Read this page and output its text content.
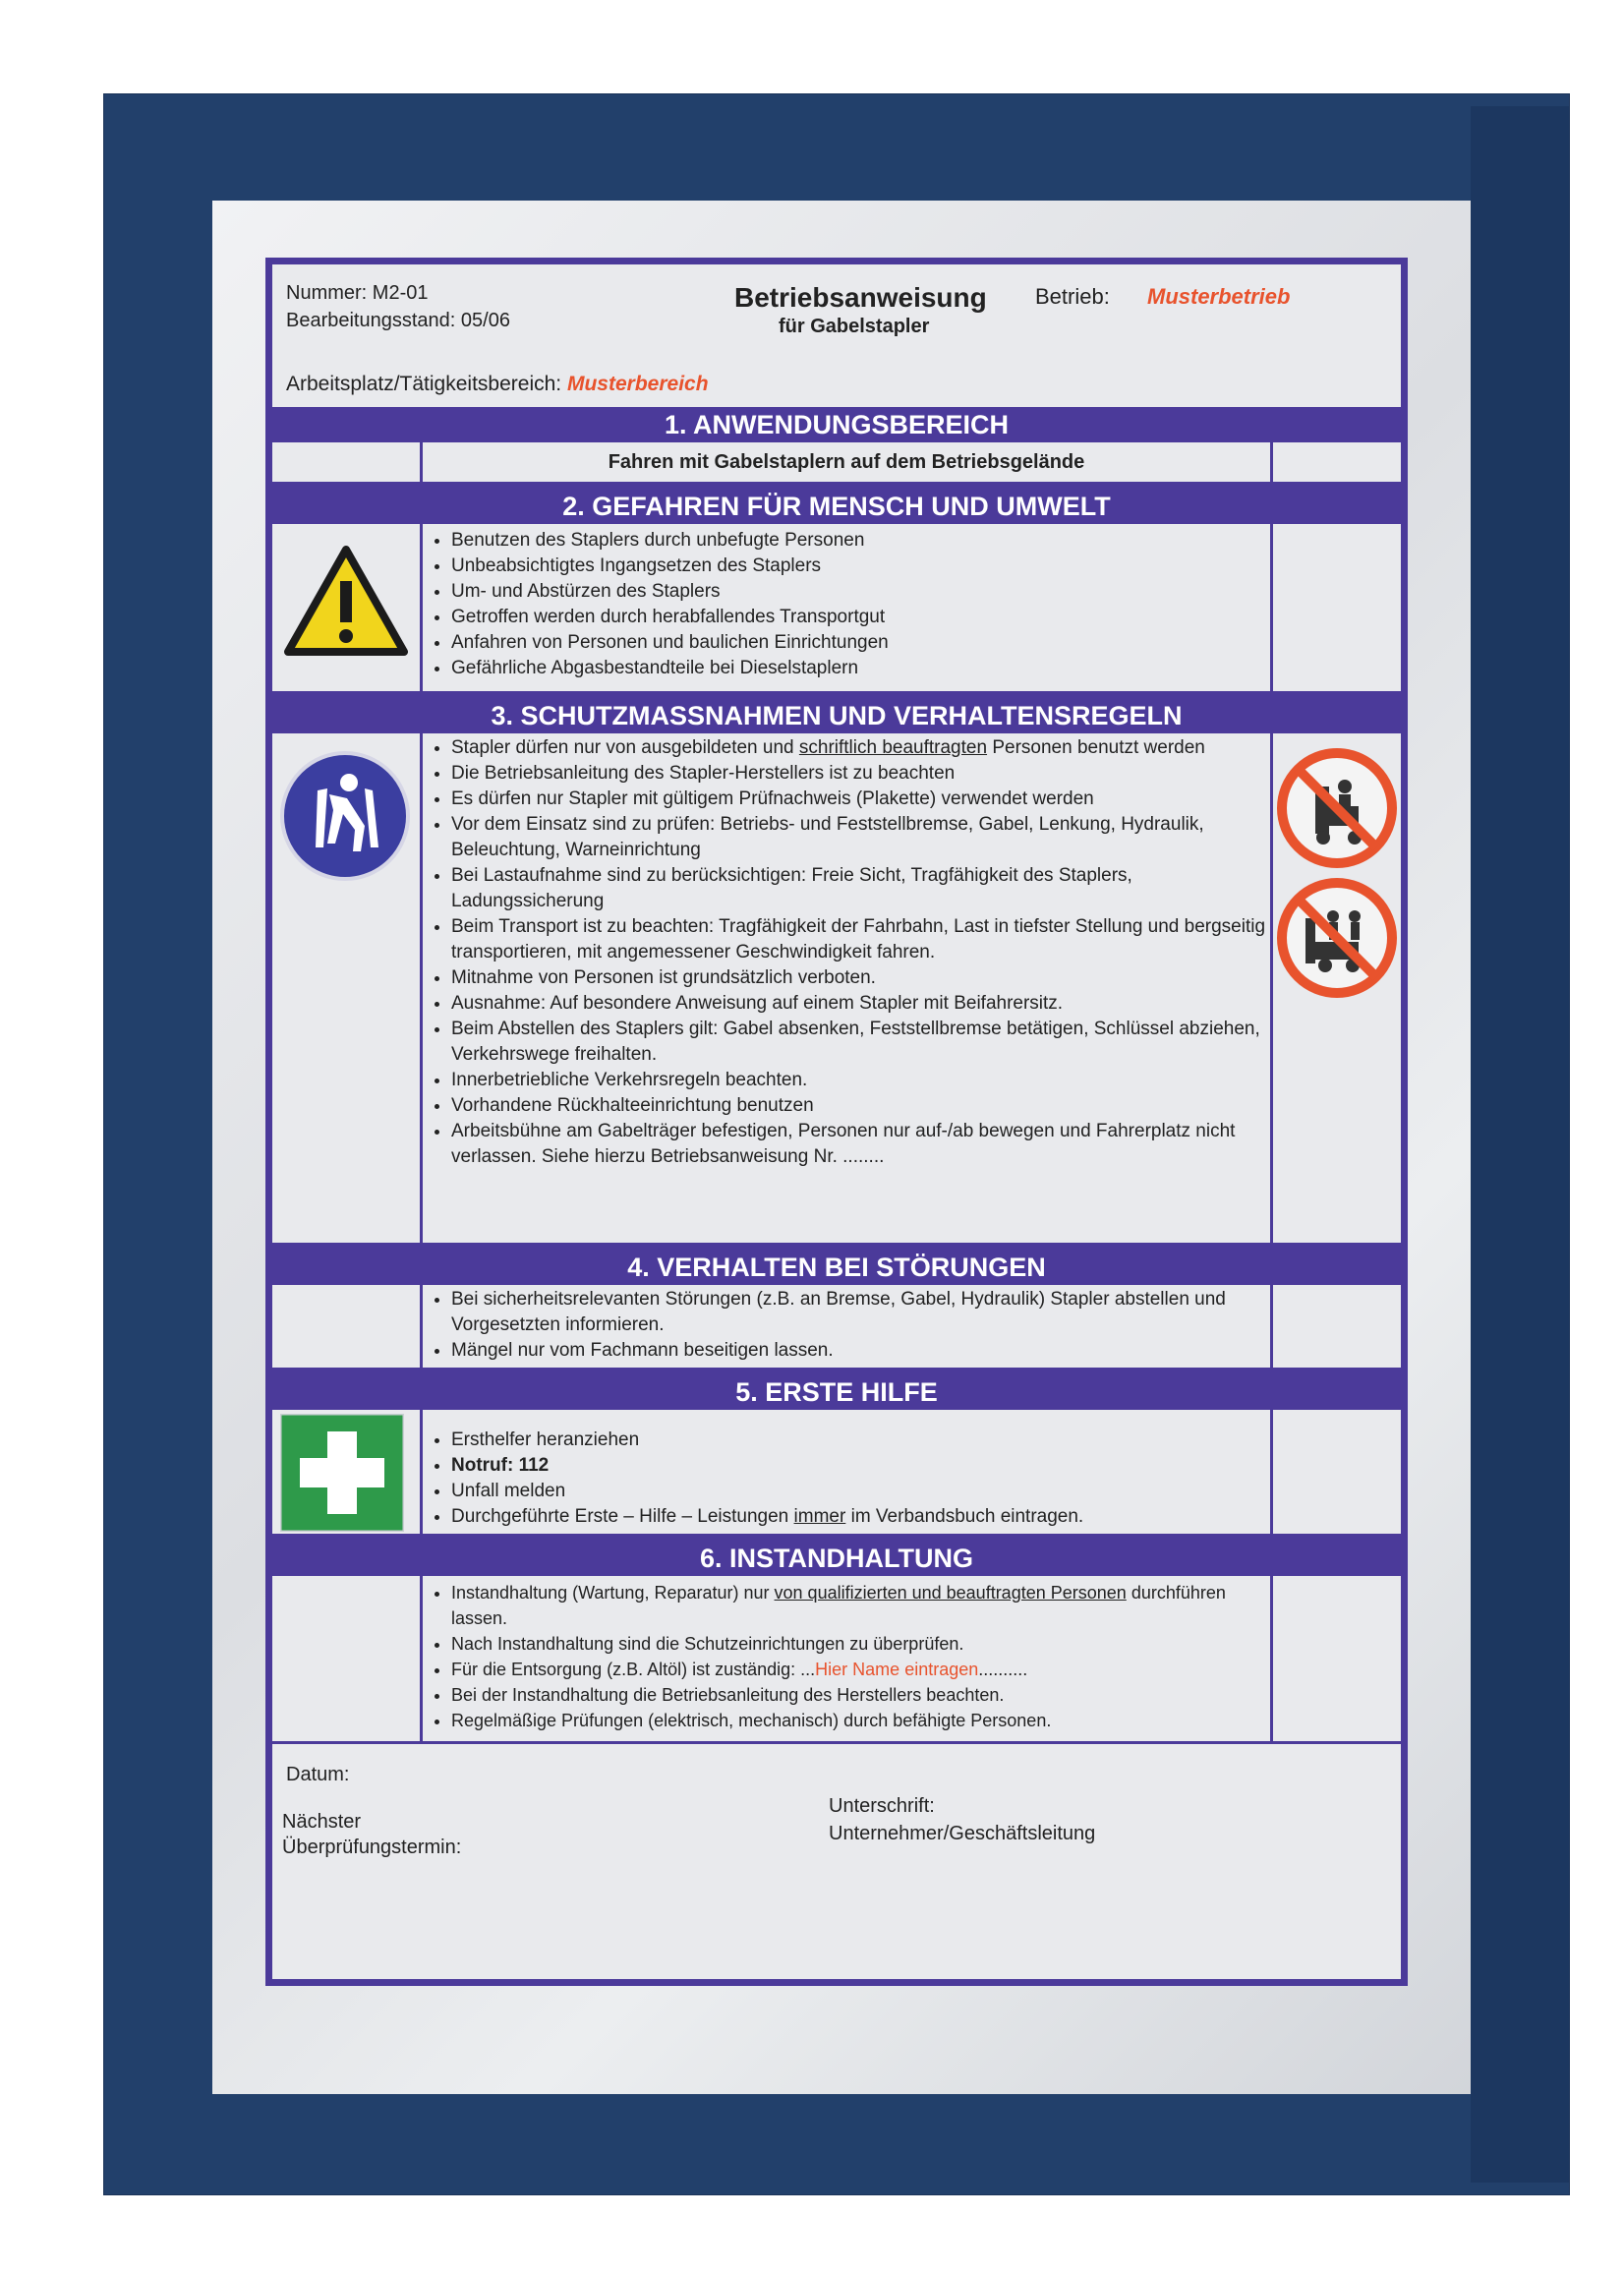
Nummer: M2-01
Bearbeitungsstand: 05/06
Betriebsanweisung
für Gabelstapler
Betrieb: Musterbetrieb
Arbeitsplatz/Tätigkeitsbereich: Musterbereich
1. ANWENDUNGSBEREICH
Fahren mit Gabelstaplern auf dem Betriebsgelände
2. GEFAHREN FÜR MENSCH UND UMWELT
• Benutzen des Staplers durch unbefugte Personen
• Unbeabsichtigtes Ingangsetzen des Staplers
• Um- und Abstürzen des Staplers
• Getroffen werden durch herabfallendes Transportgut
• Anfahren von Personen und baulichen Einrichtungen
• Gefährliche Abgasbestandteile bei Dieselstaplern
3. SCHUTZMASSNAHMEN UND VERHALTENSREGELN
• Stapler dürfen nur von ausgebildeten und schriftlich beauftragten Personen benutzt werden
• Die Betriebsanleitung des Stapler-Herstellers ist zu beachten
• Es dürfen nur Stapler mit gültigem Prüfnachweis (Plakette) verwendet werden
• Vor dem Einsatz sind zu prüfen: Betriebs- und Feststellbremse, Gabel, Lenkung, Hydraulik, Beleuchtung, Warneinrichtung
• Bei Lastaufnahme sind zu berücksichtigen: Freie Sicht, Tragfähigkeit des Staplers, Ladungssicherung
• Beim Transport ist zu beachten: Tragfähigkeit der Fahrbahn, Last in tiefster Stellung und bergseitig transportieren, mit angemessener Geschwindigkeit fahren.
• Mitnahme von Personen ist grundsätzlich verboten.
• Ausnahme: Auf besondere Anweisung auf einem Stapler mit Beifahrersitz.
• Beim Abstellen des Staplers gilt: Gabel absenken, Feststellbremse betätigen, Schlüssel abziehen, Verkehrswege freihalten.
• Innerbetriebliche Verkehrsregeln beachten.
• Vorhandene Rückhalteeinrichtung benutzen
• Arbeitsbühne am Gabelträger befestigen, Personen nur auf-/ab bewegen und Fahrerplatz nicht verlassen. Siehe hierzu Betriebsanweisung Nr. ........
4. VERHALTEN BEI STÖRUNGEN
• Bei sicherheitsrelevanten Störungen (z.B. an Bremse, Gabel, Hydraulik) Stapler abstellen und Vorgesetzten informieren.
• Mängel nur vom Fachmann beseitigen lassen.
5. ERSTE HILFE
• Ersthelfer heranziehen
• Notruf: 112
• Unfall melden
• Durchgeführte Erste – Hilfe – Leistungen immer im Verbandsbuch eintragen.
6. INSTANDHALTUNG
• Instandhaltung (Wartung, Reparatur) nur von qualifizierten und beauftragten Personen durchführen lassen.
• Nach Instandhaltung sind die Schutzeinrichtungen zu überprüfen.
• Für die Entsorgung (z.B. Altöl) ist zuständig: ...Hier Name eintragen..........
• Bei der Instandhaltung die Betriebsanleitung des Herstellers beachten.
• Regelmäßige Prüfungen (elektrisch, mechanisch) durch befähigte Personen.
Datum:
Nächster
Überprüfungstermin:
Unterschrift:
Unternehmer/Geschäftsleitung
